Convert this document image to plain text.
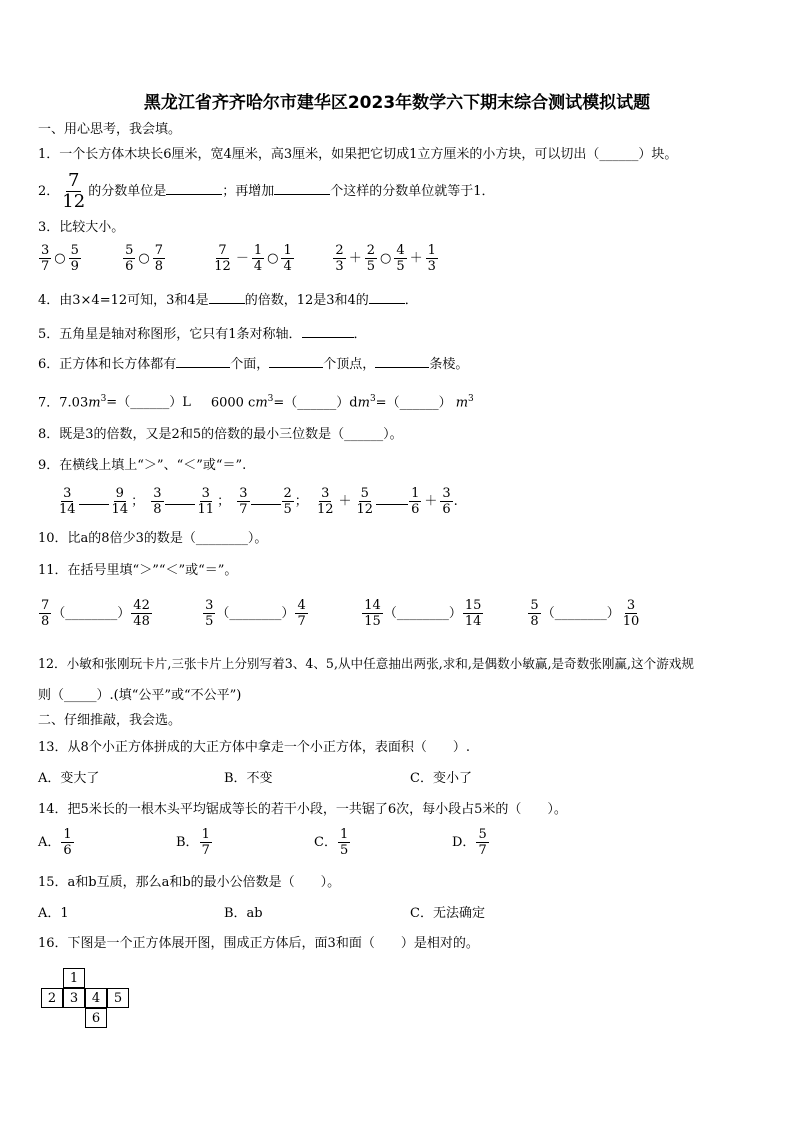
黑龙江省齐齐哈尔市建华区2023年数学六下期末综合测试模拟试题
一、用心思考，我会填。
1．一个长方体木块长6厘米，宽4厘米，高3厘米，如果把它切成1立方厘米的小方块，可以切出（______）块。
2． $\frac{7}{12}$ 的分数单位是	；再增加	个这样的分数单位就等于1．
3．比较大小。
$\frac{3}{7}$ ○ $\frac{5}{9}$
	$\frac{5}{6}$ ○ $\frac{7}{8}$
	$\frac{7}{12} - \frac{1}{4}$ ○ $\frac{1}{4}$
	$\frac{2}{3} + \frac{2}{5}$ ○ $\frac{4}{5} + \frac{1}{3}$
4．由3×4=12可知，3和4是	的倍数，12是3和4的	．
5．五角星是轴对称图形，它只有1条对称轴．	．
6．正方体和长方体都有	个面，	个顶点，	条棱。
7．$7.03m^3=(\_\_\_\_\_\_)L$ 6000 $cm^3=(\_\_\_\_\_\_)dm^3=(\_\_\_\_\_\_)$ $m^3$
8．既是3的倍数，又是2和5的倍数的最小三位数是（______）。
9．在横线上填上“＞”、“＜”或“＝”.
$\frac{3}{14} \frac{9}{14}$ ； $\frac{3}{8} \frac{3}{11}$ ； $\frac{3}{7} \frac{2}{5}$ ； $\frac{3}{12} + \frac{5}{12}$	$\frac{1}{6} + \frac{3}{6}$ .
10．比a的8倍少3的数是（________）。
11．在括号里填“＞”“＜”或“＝”。
$\frac{7}{8}$ （________） $\frac{42}{48}$
	$\frac{3}{5}$ （________） $\frac{4}{7}$
	$\frac{14}{15}$ （________） $\frac{15}{14}$
	$\frac{5}{8}$ （________） $\frac{3}{10}$
12．小敏和张刚玩卡片,三张卡片上分别写着3、4、5,从中任意抽出两张,求和,是偶数小敏赢,是奇数张刚赢,这个游戏规
则（_____）.(填“公平”或“不公平”)
二、仔细推敲，我会选。
13．从8个小正方体拼成的大正方体中拿走一个小正方体，表面积（　　）.
A．变大了	B．不变	C．变小了
14．把5米长的一根木头平均锯成等长的若干小段，一共锯了6次，每小段占5米的（　　）。
A． $\frac{1}{6}$	B． $\frac{1}{7}$	C． $\frac{1}{5}$	D． $\frac{5}{7}$
15．a和b互质，那么a和b的最小公倍数是（　　）。
A．1	B．ab	C．无法确定
16．下图是一个正方体展开图，围成正方体后，面3和面（　　）是相对的。
1
2	3	4	5
6
